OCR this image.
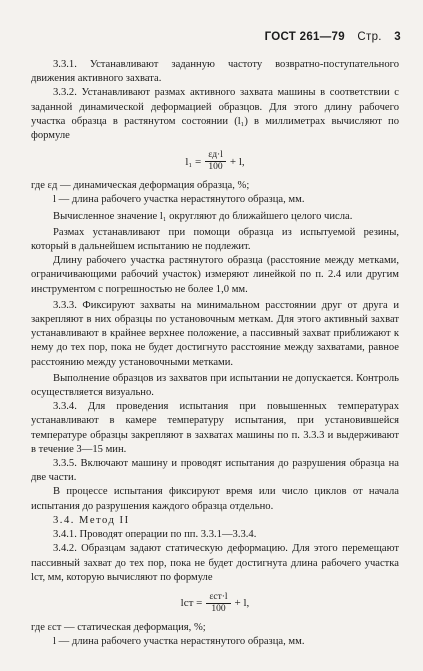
ГОСТ 261—79 Стр. 3

3.3.1. Устанавливают заданную частоту возвратно-поступательного движения активного захвата.

3.3.2. Устанавливают размах активного захвата машины в соответствии с заданной динамической деформацией образцов. Для этого длину рабочего участка образца в растянутом состоянии (l₁) в миллиметрах вычисляют по формуле

$l_1 = \frac{\varepsilon д\cdot l}{100} + l$,

где εд — динамическая деформация образца, %;

l — длина рабочего участка нерастянутого образца, мм.

Вычисленное значение l₁ округляют до ближайшего целого числа.

Размах устанавливают при помощи образца из испытуемой резины, который в дальнейшем испытанию не подлежит.

Длину рабочего участка растянутого образца (расстояние между метками, ограничивающими рабочий участок) измеряют линейкой по п. 2.4 или другим инструментом с погрешностью не более 1,0 мм.

3.3.3. Фиксируют захваты на минимальном расстоянии друг от друга и закрепляют в них образцы по установочным меткам. Для этого активный захват устанавливают в крайнее верхнее положение, а пассивный захват приближают к нему до тех пор, пока не будет достигнуто расстояние между захватами, равное расстоянию между установочными метками.

Выполнение образцов из захватов при испытании не допускается. Контроль осуществляется визуально.

3.3.4. Для проведения испытания при повышенных температурах устанавливают в камере температуру испытания, при установившейся температуре образцы закрепляют в захватах машины по п. 3.3.3 и выдерживают в течение 3—15 мин.

3.3.5. Включают машину и проводят испытания до разрушения образца на две части.

В процессе испытания фиксируют время или число циклов от начала испытания до разрушения каждого образца отдельно.

3.4. Метод II

3.4.1. Проводят операции по пп. 3.3.1—3.3.4.

3.4.2. Образцам задают статическую деформацию. Для этого перемещают пассивный захват до тех пор, пока не будет достигнута длина рабочего участка lст, мм, которую вычисляют по формуле

lст = $\frac{\text{εст·l}}{100} + l$,

где εст — статическая деформация, %;

l — длина рабочего участка нерастянутого образца, мм.
